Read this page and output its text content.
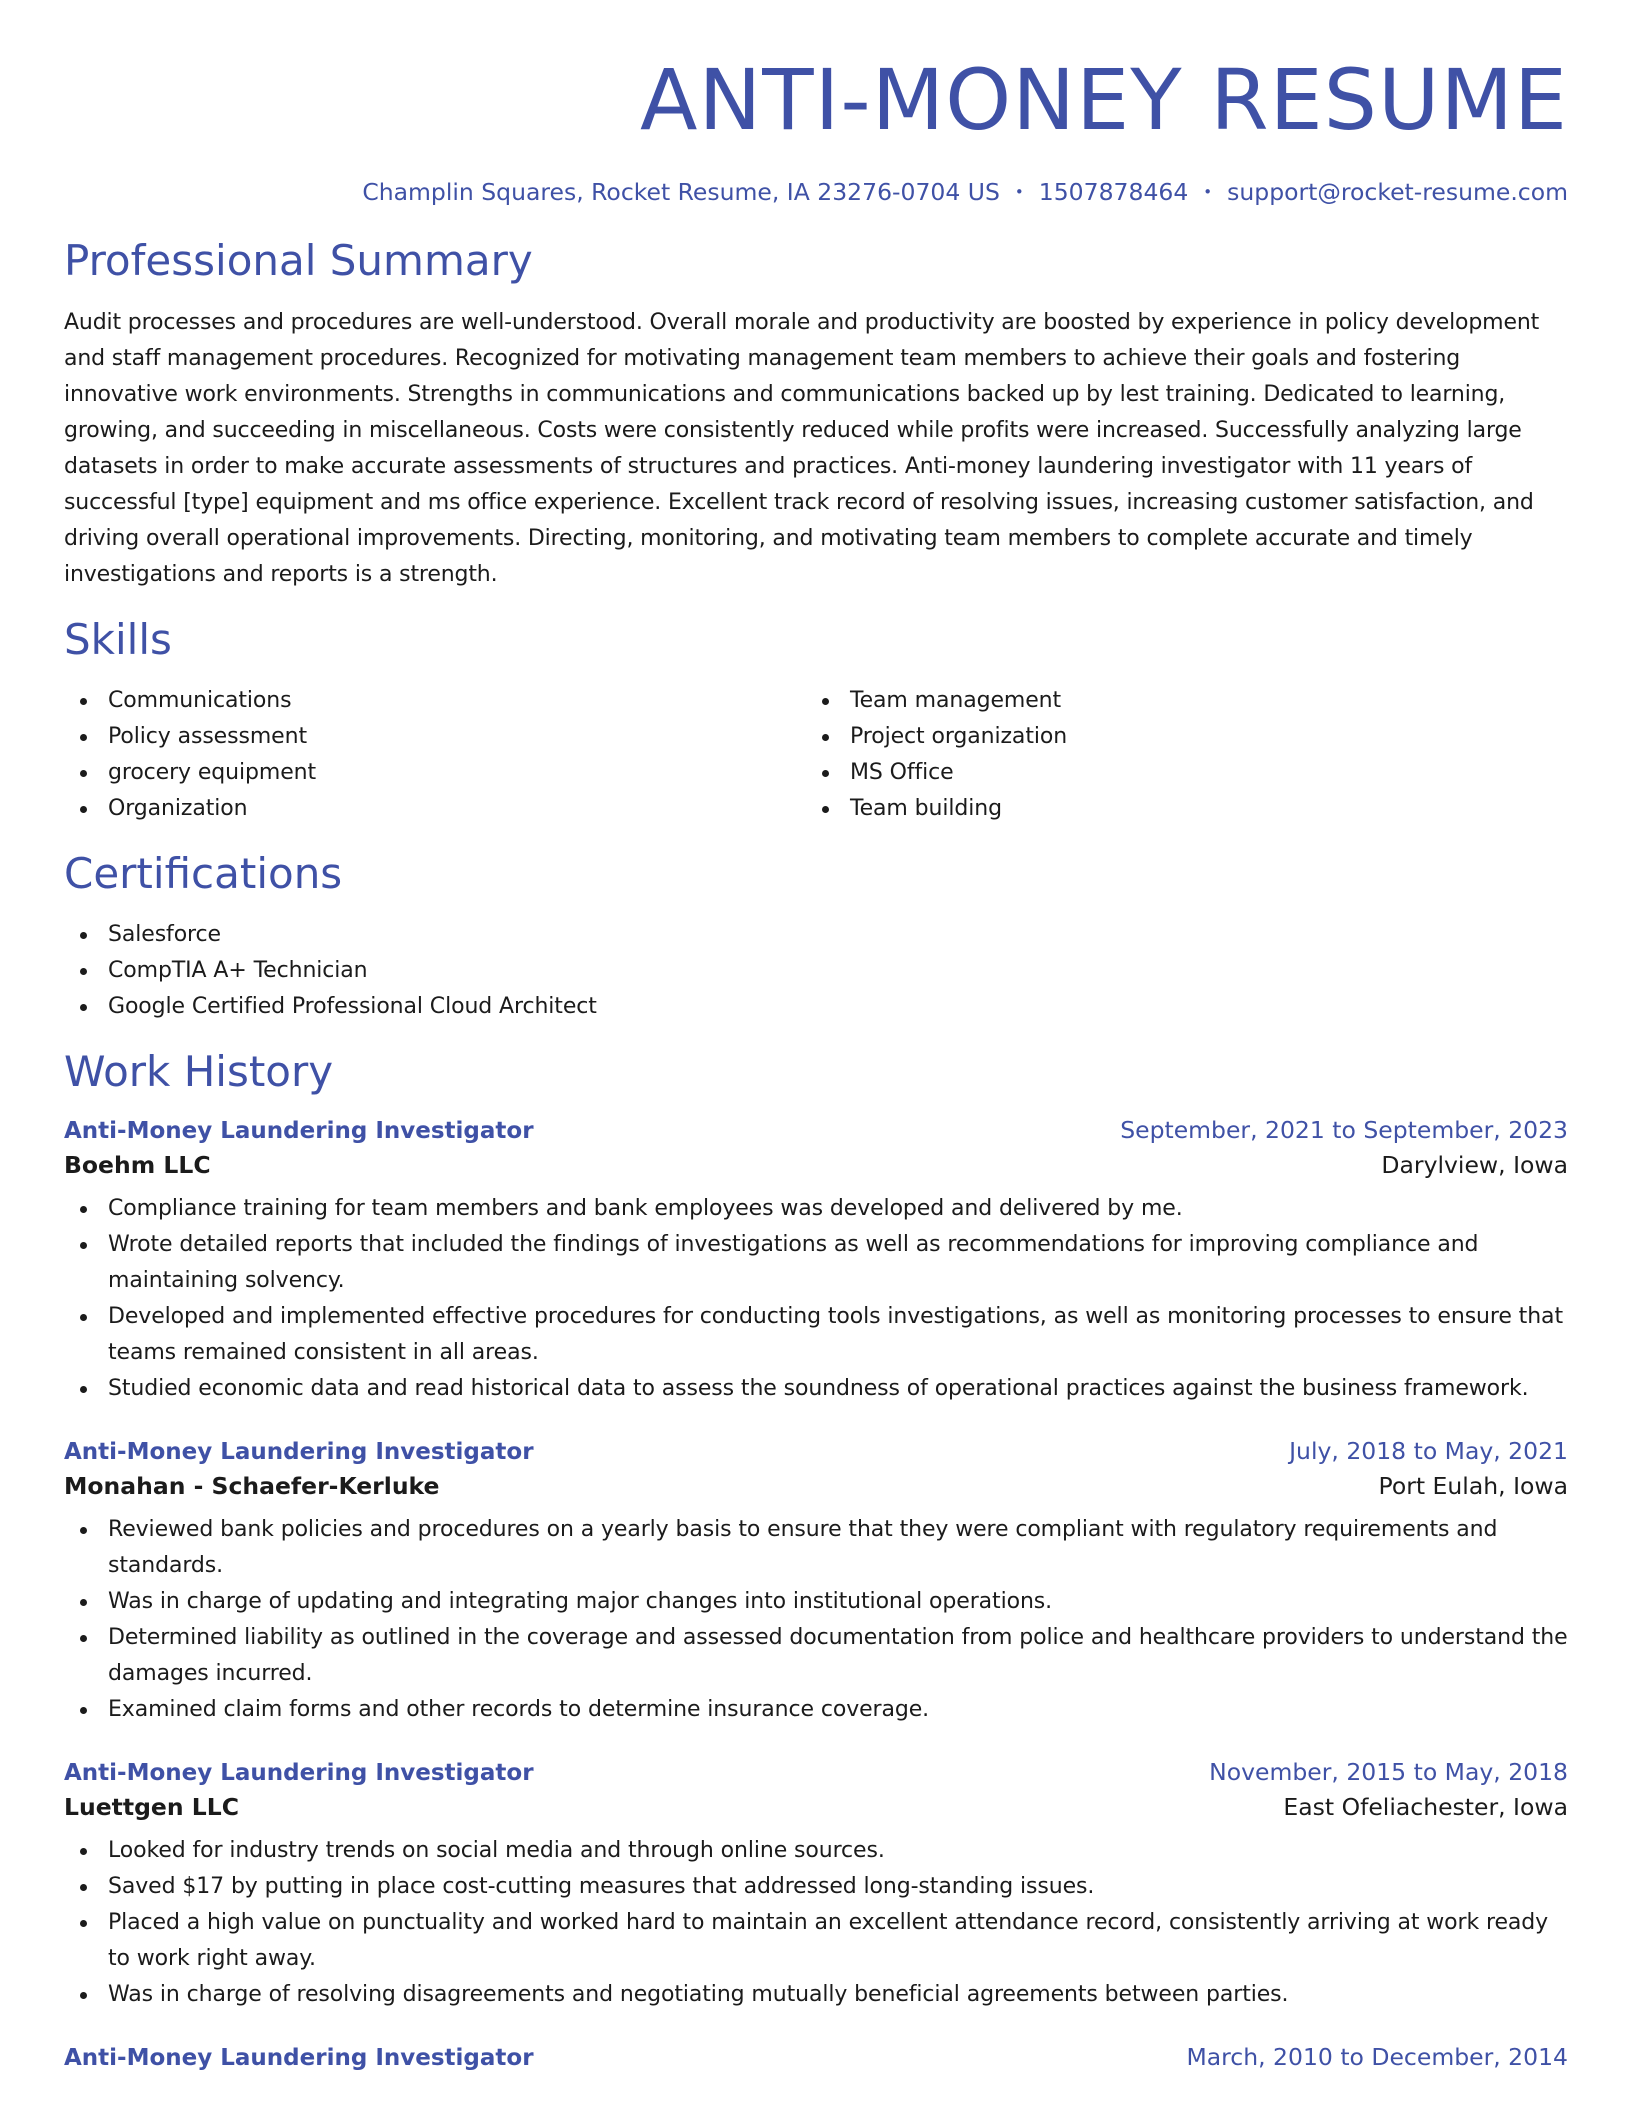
ANTI-MONEY RESUME
Champlin Squares, Rocket Resume, IA 23276-0704 US • 1507878464 • support@rocket-resume.com
Professional Summary

Audit processes and procedures are well-understood. Overall morale and productivity are boosted by experience in policy development and staff management procedures. Recognized for motivating management team members to achieve their goals and fostering innovative work environments. Strengths in communications and communications backed up by lest training. Dedicated to learning, growing, and succeeding in miscellaneous. Costs were consistently reduced while profits were increased. Successfully analyzing large datasets in order to make accurate assessments of structures and practices. Anti-money laundering investigator with 11 years of successful [type] equipment and ms office experience. Excellent track record of resolving issues, increasing customer satisfaction, and driving overall operational improvements. Directing, monitoring, and motivating team members to complete accurate and timely investigations and reports is a strength.

Skills
Communications
Policy assessment
grocery equipment
Organization
Team management
Project organization
MS Office
Team building
Certifications
Salesforce
CompTIA A+ Technician
Google Certified Professional Cloud Architect
Work History
Anti-Money Laundering Investigator	September, 2021 to September, 2023
Boehm LLC	Darylview, Iowa
Compliance training for team members and bank employees was developed and delivered by me.
Wrote detailed reports that included the findings of investigations as well as recommendations for improving compliance and maintaining solvency.
Developed and implemented effective procedures for conducting tools investigations, as well as monitoring processes to ensure that teams remained consistent in all areas.
Studied economic data and read historical data to assess the soundness of operational practices against the business framework.
Anti-Money Laundering Investigator	July, 2018 to May, 2021
Monahan - Schaefer-Kerluke	Port Eulah, Iowa
Reviewed bank policies and procedures on a yearly basis to ensure that they were compliant with regulatory requirements and standards.
Was in charge of updating and integrating major changes into institutional operations.
Determined liability as outlined in the coverage and assessed documentation from police and healthcare providers to understand the damages incurred.
Examined claim forms and other records to determine insurance coverage.
Anti-Money Laundering Investigator	November, 2015 to May, 2018
Luettgen LLC	East Ofeliachester, Iowa
Looked for industry trends on social media and through online sources.
Saved $17 by putting in place cost-cutting measures that addressed long-standing issues.
Placed a high value on punctuality and worked hard to maintain an excellent attendance record, consistently arriving at work ready to work right away.
Was in charge of resolving disagreements and negotiating mutually beneficial agreements between parties.
Anti-Money Laundering Investigator	March, 2010 to December, 2014
